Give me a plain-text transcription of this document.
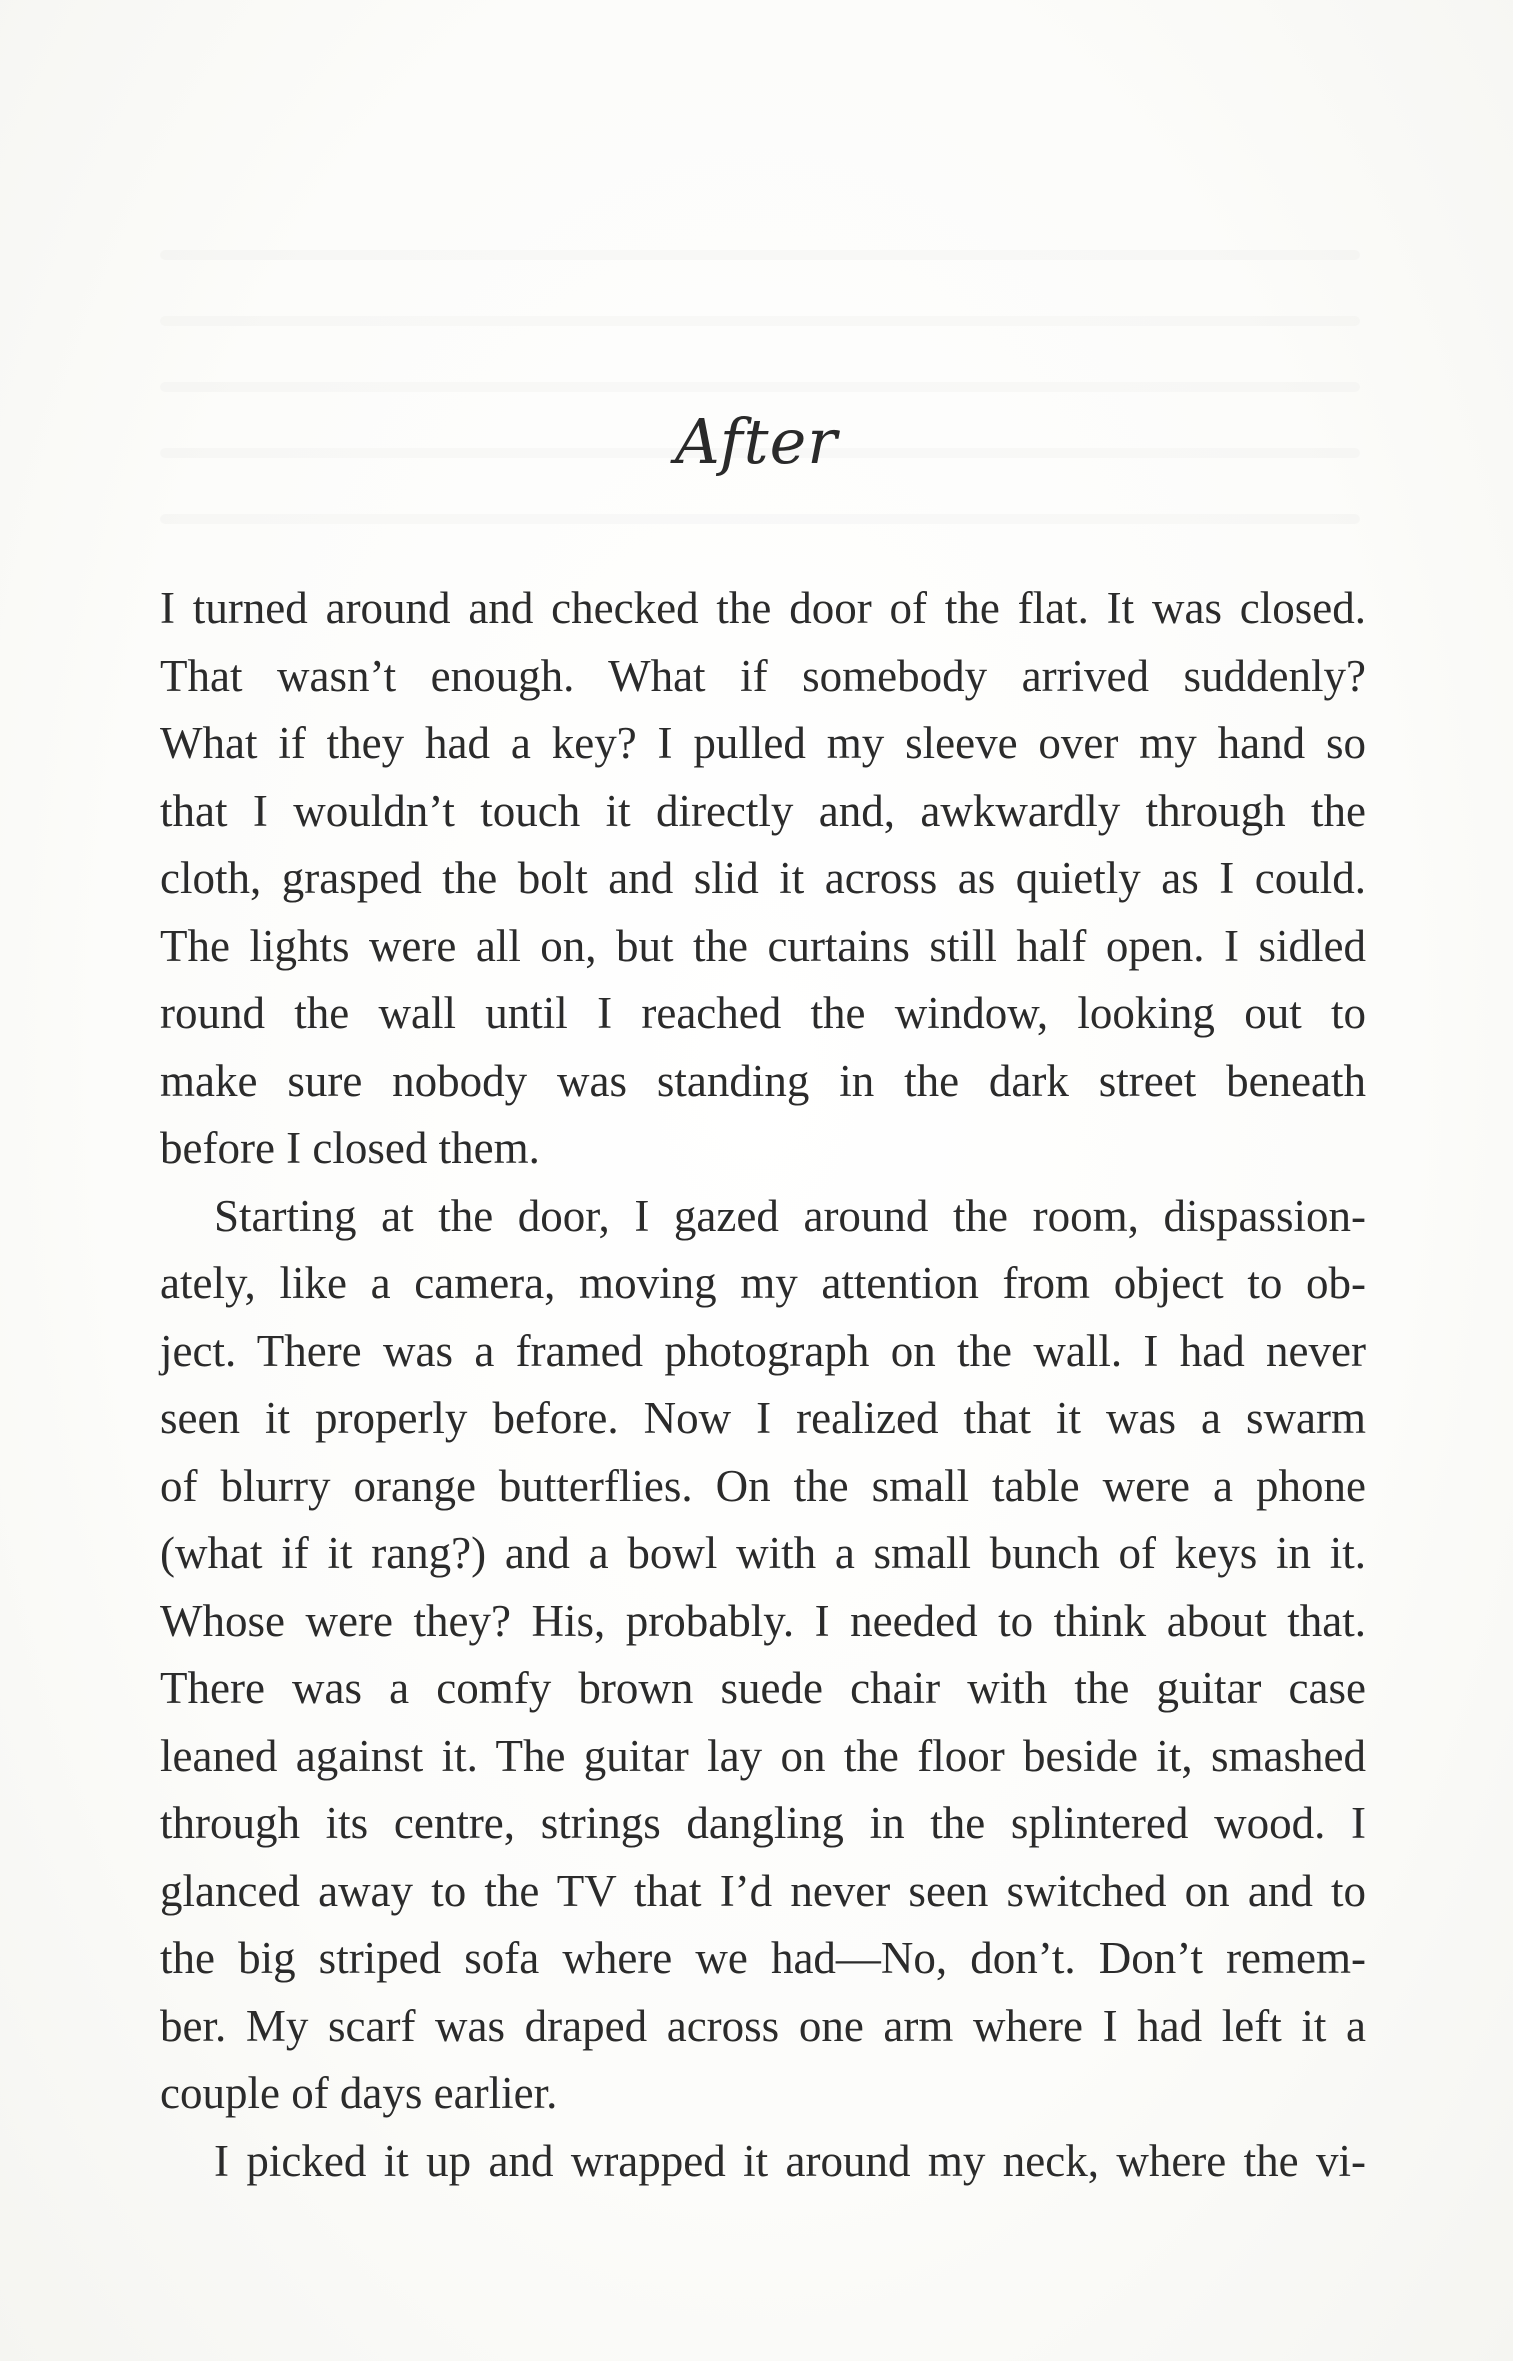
After
I turned around and checked the door of the flat. It was closed.
That wasn’t enough. What if somebody arrived suddenly?
What if they had a key? I pulled my sleeve over my hand so
that I wouldn’t touch it directly and, awkwardly through the
cloth, grasped the bolt and slid it across as quietly as I could.
The lights were all on, but the curtains still half open. I sidled
round the wall until I reached the window, looking out to
make sure nobody was standing in the dark street beneath
before I closed them.
Starting at the door, I gazed around the room, dispassion-
ately, like a camera, moving my attention from object to ob-
ject. There was a framed photograph on the wall. I had never
seen it properly before. Now I realized that it was a swarm
of blurry orange butterflies. On the small table were a phone
(what if it rang?) and a bowl with a small bunch of keys in it.
Whose were they? His, probably. I needed to think about that.
There was a comfy brown suede chair with the guitar case
leaned against it. The guitar lay on the floor beside it, smashed
through its centre, strings dangling in the splintered wood. I
glanced away to the TV that I’d never seen switched on and to
the big striped sofa where we had—No, don’t. Don’t remem-
ber. My scarf was draped across one arm where I had left it a
couple of days earlier.
I picked it up and wrapped it around my neck, where the vi-
